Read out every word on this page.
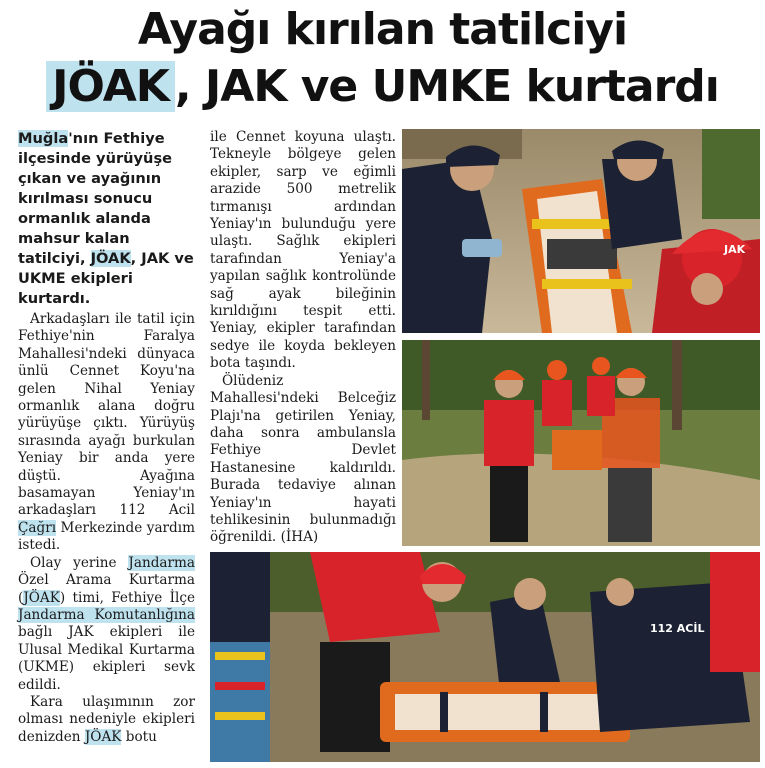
Ayağı kırılan tatilciyi
JÖAK , JAK ve UMKE kurtardı
Muğla'nın Fethiye ilçesinde yürüyüşe çıkan ve ayağının kırılması sonucu ormanlık alanda mahsur kalan tatilciyi, JÖAK, JAK ve UKME ekipleri kurtardı.

Arkadaşları ile tatil için Fethiye'nin Faralya Mahallesi'ndeki dünyaca ünlü Cennet Koyu'na gelen Nihal Yeniay ormanlık alana doğru yürüyüşe çıktı. Yürüyüş sırasında ayağı burkulan Yeniay bir anda yere düştü. Ayağına basamayan Yeniay'ın arkadaşları 112 Acil Çağrı Merkezinde yardım istedi.

Olay yerine Jandarma Özel Arama Kurtarma (JÖAK) timi, Fethiye İlçe Jandarma Komutanlığına bağlı JAK ekipleri ile Ulusal Medikal Kurtarma (UKME) ekipleri sevk edildi.

Kara ulaşımının zor olması nedeniyle ekipleri denizden JÖAK botu

ile Cennet koyuna ulaştı. Tekneyle bölgeye gelen ekipler, sarp ve eğimli arazide 500 metrelik tırmanışı ardından Yeniay'ın bulunduğu yere ulaştı. Sağlık ekipleri tarafından Yeniay'a yapılan sağlık kontrolünde sağ ayak bileğinin kırıldığını tespit etti. Yeniay, ekipler tarafından sedye ile koyda bekleyen bota taşındı.

Ölüdeniz Mahallesi'ndeki Belceğiz Plajı'na getirilen Yeniay, daha sonra ambulansla Fethiye Devlet Hastanesine kaldırıldı. Burada tedaviye alınan Yeniay'ın hayati tehlikesinin bulunmadığı öğrenildi. (İHA)

JAK
112 ACİL
